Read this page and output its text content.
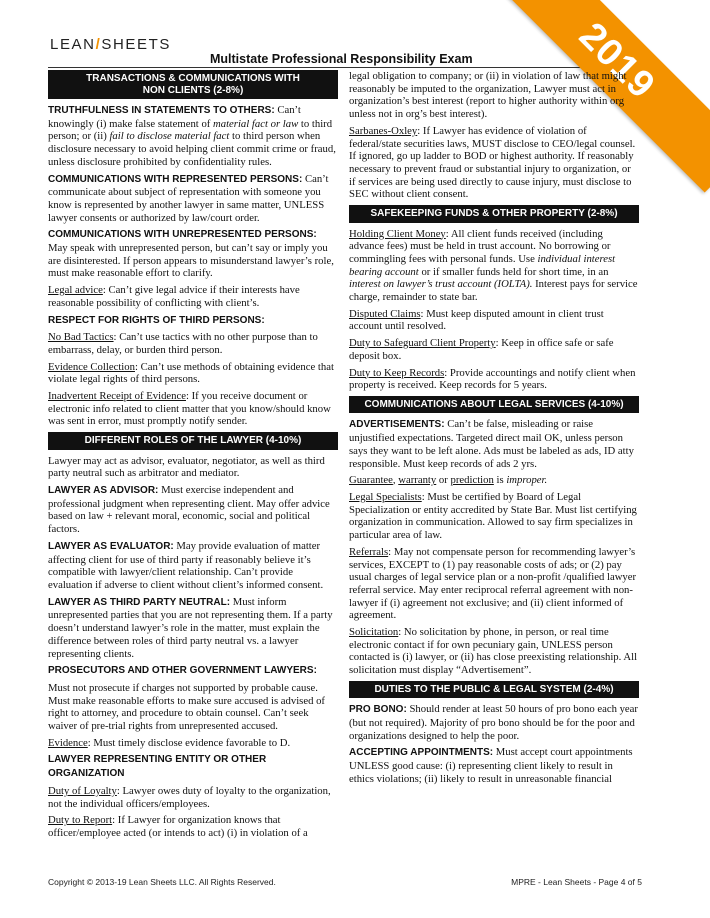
LEAN/SHEETS
Multistate Professional Responsibility Exam	2019
TRANSACTIONS & COMMUNICATIONS WITH
NON CLIENTS (2-8%)

TRUTHFULNESS IN STATEMENTS TO OTHERS: Can’t knowingly (i) make false statement of material fact or law to third person; or (ii) fail to disclose material fact to third person when disclosure necessary to avoid helping client commit crime or fraud, unless disclosure prohibited by confidentiality rules.

COMMUNICATIONS WITH REPRESENTED PERSONS: Can’t communicate about subject of representation with someone you know is represented by another lawyer in same matter, UNLESS lawyer consents or authorized by law/court order.

COMMUNICATIONS WITH UNREPRESENTED PERSONS: May speak with unrepresented person, but can’t say or imply you are disinterested. If person appears to misunderstand lawyer’s role, must make reasonable effort to clarify.

Legal advice: Can’t give legal advice if their interests have reasonable possibility of conflicting with client’s.

RESPECT FOR RIGHTS OF THIRD PERSONS:

No Bad Tactics: Can’t use tactics with no other purpose than to embarrass, delay, or burden third person.

Evidence Collection: Can’t use methods of obtaining evidence that violate legal rights of third persons.

Inadvertent Receipt of Evidence: If you receive document or electronic info related to client matter that you know/should know was sent in error, must promptly notify sender.

DIFFERENT ROLES OF THE LAWYER (4-10%)

Lawyer may act as advisor, evaluator, negotiator, as well as third party neutral such as arbitrator and mediator.

LAWYER AS ADVISOR: Must exercise independent and professional judgment when representing client. May offer advice based on law + relevant moral, economic, social and political factors.

LAWYER AS EVALUATOR: May provide evaluation of matter affecting client for use of third party if reasonably believe it’s compatible with lawyer/client relationship. Can’t provide evaluation if adverse to client without client’s informed consent.

LAWYER AS THIRD PARTY NEUTRAL: Must inform unrepresented parties that you are not representing them. If a party doesn’t understand lawyer’s role in the matter, must explain the difference between roles of third party neutral vs. a lawyer representing clients.

PROSECUTORS AND OTHER GOVERNMENT LAWYERS:

Must not prosecute if charges not supported by probable cause. Must make reasonable efforts to make sure accused is advised of right to attorney, and procedure to obtain counsel. Can’t seek waiver of pre-trial rights from unrepresented accused.

Evidence: Must timely disclose evidence favorable to D.

LAWYER REPRESENTING ENTITY OR OTHER ORGANIZATION

Duty of Loyalty: Lawyer owes duty of loyalty to the organization, not the individual officers/employees.

Duty to Report: If Lawyer for organization knows that officer/employee acted (or intends to act) (i) in violation of a

legal obligation to company; or (ii) in violation of law that might reasonably be imputed to the organization, Lawyer must act in organization’s best interest (report to higher authority within org unless not in org’s best interest).

Sarbanes-Oxley: If Lawyer has evidence of violation of federal/state securities laws, MUST disclose to CEO/legal counsel. If ignored, go up ladder to BOD or highest authority. If reasonably necessary to prevent fraud or substantial injury to organization, or if services are being used directly to cause injury, must disclose to SEC without client consent.

SAFEKEEPING FUNDS & OTHER PROPERTY (2-8%)

Holding Client Money: All client funds received (including advance fees) must be held in trust account. No borrowing or commingling fees with personal funds. Use individual interest bearing account or if smaller funds held for short time, in an interest on lawyer’s trust account (IOLTA). Interest pays for service charge, remainder to state bar.

Disputed Claims: Must keep disputed amount in client trust account until resolved.

Duty to Safeguard Client Property: Keep in office safe or safe deposit box.

Duty to Keep Records: Provide accountings and notify client when property is received. Keep records for 5 years.

COMMUNICATIONS ABOUT LEGAL SERVICES (4-10%)

ADVERTISEMENTS: Can’t be false, misleading or raise unjustified expectations. Targeted direct mail OK, unless person says they want to be left alone. Ads must be labeled as ads, ID atty responsible. Must keep records of ads 2 yrs.

Guarantee, warranty or prediction is improper.

Legal Specialists: Must be certified by Board of Legal Specialization or entity accredited by State Bar. Must list certifying organization in communication. Allowed to say firm specializes in particular area of law.

Referrals: May not compensate person for recommending lawyer’s services, EXCEPT to (1) pay reasonable costs of ads; or (2) pay usual charges of legal service plan or a non-profit /qualified lawyer referral service. May enter reciprocal referral agreement with non-lawyer if (i) agreement not exclusive; and (ii) client informed of agreement.

Solicitation: No solicitation by phone, in person, or real time electronic contact if for own pecuniary gain, UNLESS person contacted is (i) lawyer, or (ii) has close preexisting relationship. All solicitation must display “Advertisement”.

DUTIES TO THE PUBLIC & LEGAL SYSTEM (2-4%)

PRO BONO: Should render at least 50 hours of pro bono each year (but not required). Majority of pro bono should be for the poor and organizations designed to help the poor.

ACCEPTING APPOINTMENTS: Must accept court appointments UNLESS good cause: (i) representing client likely to result in ethics violations; (ii) likely to result in unreasonable financial

Copyright © 2013-19 Lean Sheets LLC. All Rights Reserved.	MPRE - Lean Sheets - Page 4 of 5
